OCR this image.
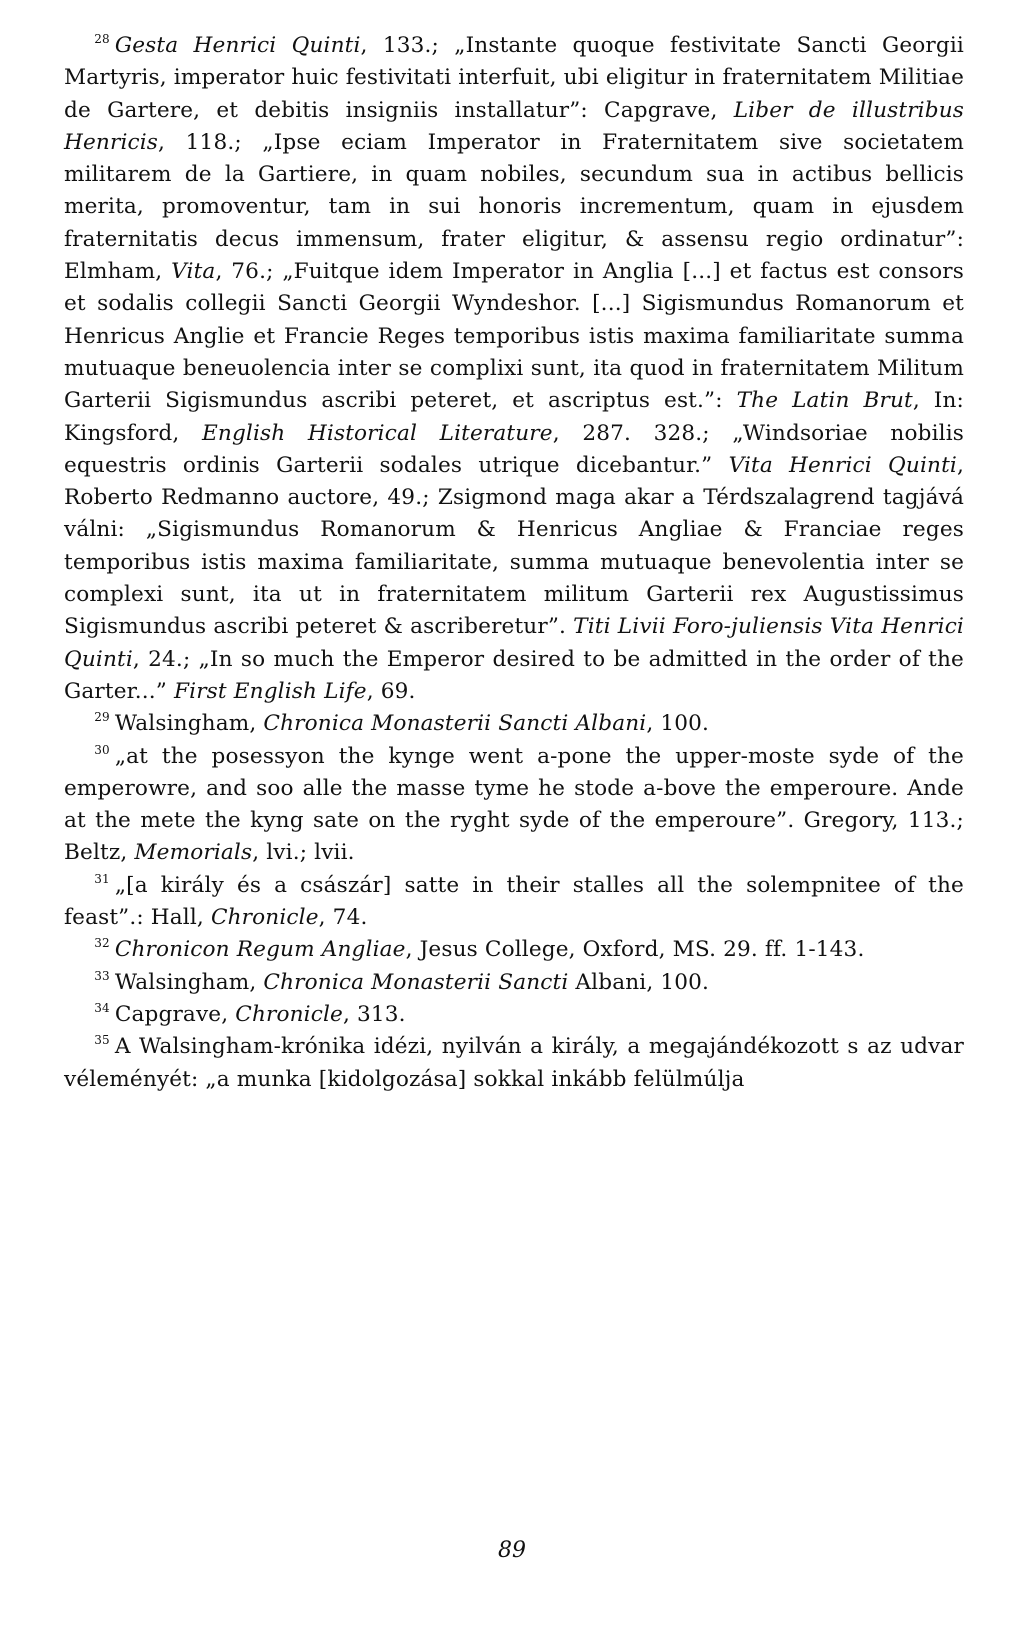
$^{28}$ Gesta Henrici Quinti, 133.; „Instante quoque festivitate Sancti Georgii Martyris, imperator huic festivitati interfuit, ubi eligitur in fraternitatem Militiae de Gartere, et debitis insigniis installatur”: Capgrave, Liber de illustribus Henricis, 118.; „Ipse eciam Imperator in Fraternitatem sive societatem militarem de la Gartiere, in quam nobiles, secundum sua in actibus bellicis merita, promoventur, tam in sui honoris incrementum, quam in ejusdem fraternitatis decus immensum, frater eligitur, & assensu regio ordinatur”: Elmham, Vita, 76.; „Fuitque idem Imperator in Anglia [...] et factus est consors et sodalis collegii Sancti Georgii Wyndeshor. [...] Sigismundus Romanorum et Henricus Anglie et Francie Reges temporibus istis maxima familiaritate summa mutuaque beneuolencia inter se complixi sunt, ita quod in fraternitatem Militum Garterii Sigismundus ascribi peteret, et ascriptus est.”: The Latin Brut, In: Kingsford, English Historical Literature, 287. 328.; „Windsoriae nobilis equestris ordinis Garterii sodales utrique dicebantur.” Vita Henrici Quinti, Roberto Redmanno auctore, 49.; Zsigmond maga akar a Térdszalagrend tagjává válni: „Sigismundus Romanorum & Henricus Angliae & Franciae reges temporibus istis maxima familiaritate, summa mutuaque benevolentia inter se complexi sunt, ita ut in fraternitatem militum Garterii rex Augustissimus Sigismundus ascribi peteret & ascriberetur”. Titi Livii Foro-juliensis Vita Henrici Quinti, 24.; „In so much the Emperor desired to be admitted in the order of the Garter...” First English Life, 69.

$^{29}$ Walsingham, Chronica Monasterii Sancti Albani, 100.

$^{30}$ „at the posessyon the kynge went a-pone the upper-moste syde of the emperowre, and soo alle the masse tyme he stode a-bove the emperoure. Ande at the mete the kyng sate on the ryght syde of the emperoure”. Gregory, 113.; Beltz, Memorials, lvi.; lvii.

$^{31}$ „[a király és a császár] satte in their stalles all the solempnitee of the feast”.: Hall, Chronicle, 74.

$^{32}$ Chronicon Regum Angliae, Jesus College, Oxford, MS. 29. ff. 1-143.

$^{33}$ Walsingham, Chronica Monasterii Sancti Albani, 100.

$^{34}$ Capgrave, Chronicle, 313.

$^{35}$ A Walsingham-krónika idézi, nyilván a király, a megajándékozott s az udvar véleményét: „a munka [kidolgozása] sokkal inkább felülmúlja

89
